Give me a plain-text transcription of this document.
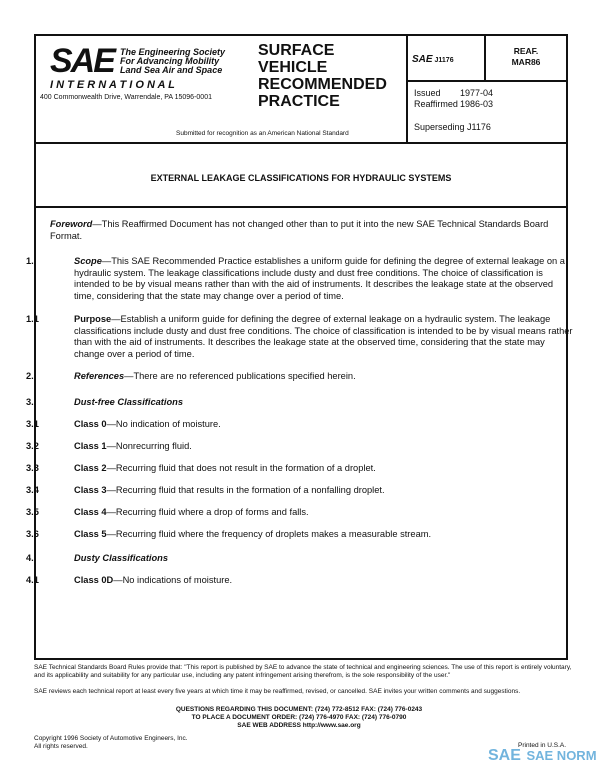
SAE The Engineering Society
For Advancing Mobility
Land Sea Air and Space
I N T E R N A T I O N A L
400 Commonwealth Drive, Warrendale, PA 15096-0001
SURFACE
VEHICLE
RECOMMENDED
PRACTICE
Submitted for recognition as an American National Standard
SAE J1176
REAF.
MAR86
Issued 1977-04
Reaffirmed 1986-03
Superseding J1176
EXTERNAL LEAKAGE CLASSIFICATIONS FOR HYDRAULIC SYSTEMS
Foreword—This Reaffirmed Document has not changed other than to put it into the new SAE Technical Standards Board Format.
1.	Scope—This SAE Recommended Practice establishes a uniform guide for defining the degree of external leakage on a hydraulic system. The leakage classifications include dusty and dust free conditions. The choice of classification is intended to be by visual means rather than with the aid of instruments. It describes the leakage state at the observed time, considering that the state may change over a period of time.
1.1	Purpose—Establish a uniform guide for defining the degree of external leakage on a hydraulic system. The leakage classifications include dusty and dust free conditions. The choice of classification is intended to be by visual means rather than with the aid of instruments. It describes the leakage state at the observed time, considering that the state may change over a period of time.
2.	References—There are no referenced publications specified herein.
3.	Dust-free Classifications
3.1	Class 0—No indication of moisture.
3.2	Class 1—Nonrecurring fluid.
3.3	Class 2—Recurring fluid that does not result in the formation of a droplet.
3.4	Class 3—Recurring fluid that results in the formation of a nonfalling droplet.
3.5	Class 4—Recurring fluid where a drop of forms and falls.
3.6	Class 5—Recurring fluid where the frequency of droplets makes a measurable stream.
4.	Dusty Classifications
4.1	Class 0D—No indications of moisture.
SAE Technical Standards Board Rules provide that: "This report is published by SAE to advance the state of technical and engineering sciences. The use of this report is entirely voluntary, and its applicability and suitability for any particular use, including any patent infringement arising therefrom, is the sole responsibility of the user."
SAE reviews each technical report at least every five years at which time it may be reaffirmed, revised, or cancelled. SAE invites your written comments and suggestions.
QUESTIONS REGARDING THIS DOCUMENT: (724) 772-8512 FAX: (724) 776-0243
TO PLACE A DOCUMENT ORDER: (724) 776-4970 FAX: (724) 776-0790
SAE WEB ADDRESS http://www.sae.org
Copyright 1996 Society of Automotive Engineers, Inc.
All rights reserved.	Printed in U.S.A.
SAE SAE NORM
